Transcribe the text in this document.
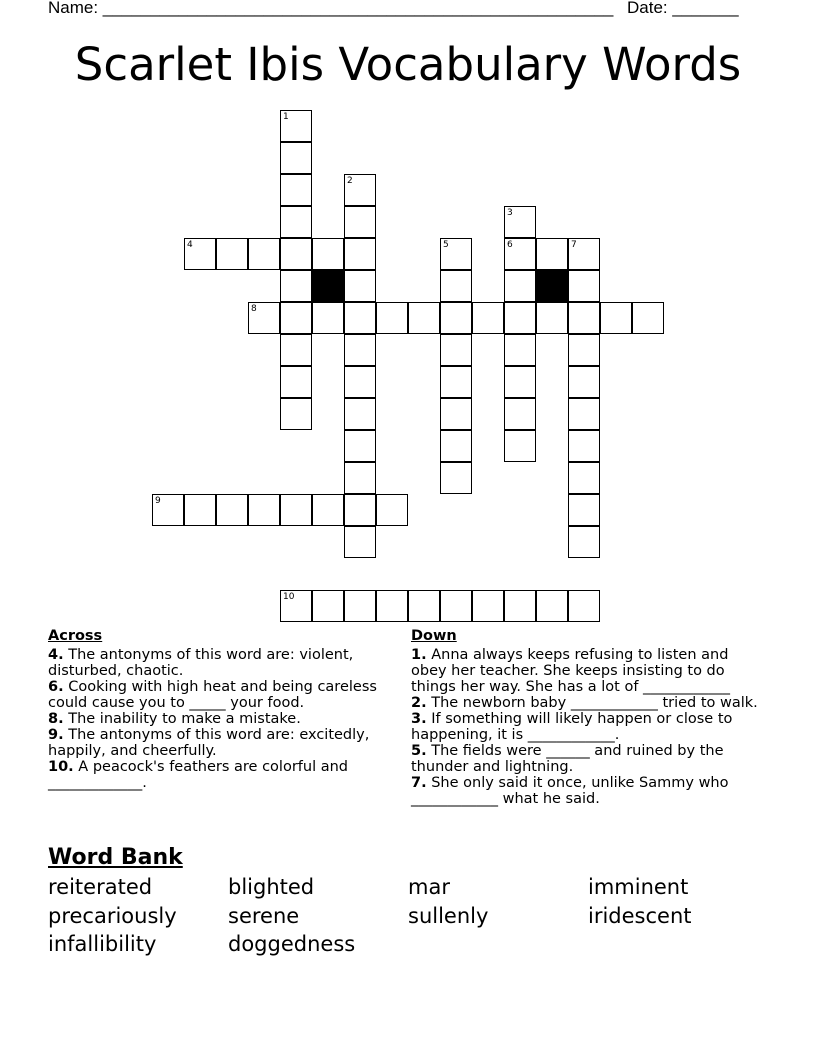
Name: ______________________________________________________ Date: _______
Scarlet Ibis Vocabulary Words
1
2
3
6
4	5	7
8
9
10
Across
4. The antonyms of this word are: violent, disturbed, chaotic.
6. Cooking with high heat and being careless could cause you to _____ your food.
8. The inability to make a mistake.
9. The antonyms of this word are: excitedly, happily, and cheerfully.
10. A peacock's feathers are colorful and _____________.
Down
1. Anna always keeps refusing to listen and obey her teacher. She keeps insisting to do things her way. She has a lot of ____________
2. The newborn baby ____________ tried to walk.
3. If something will likely happen or close to happening, it is ____________.
5. The fields were ______ and ruined by the thunder and lightning.
7. She only said it once, unlike Sammy who ____________ what he said.
Word Bank
reiterated	blighted	mar	imminent
precariously	serene	sullenly	iridescent
infallibility	doggedness
